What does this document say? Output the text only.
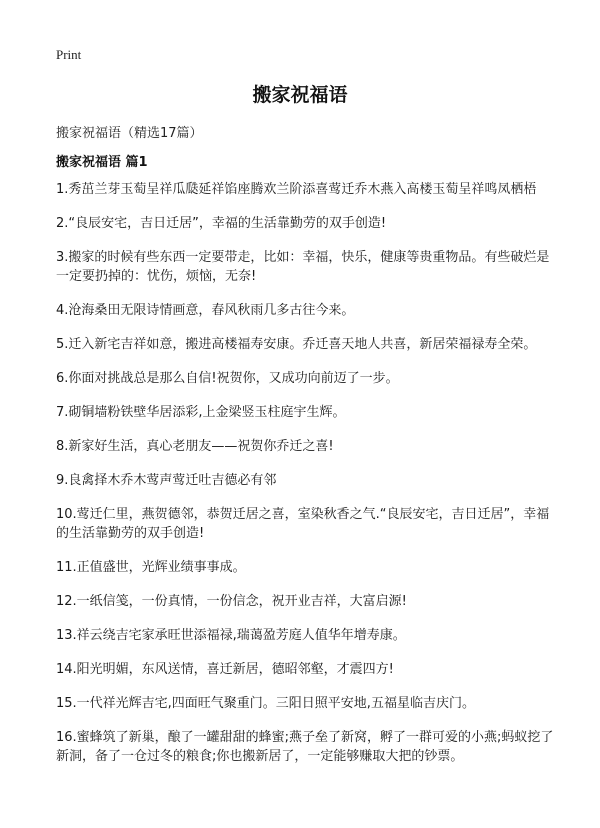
Print
搬家祝福语

搬家祝福语（精选17篇）

搬家祝福语 篇1
1.秀茁兰芽玉萄呈祥瓜瓞延祥馅座腾欢兰阶添喜莺迁乔木燕入高楼玉萄呈祥鸣凤栖梧
2.“良辰安宅，吉日迁居”，幸福的生活靠勤劳的双手创造!
3.搬家的时候有些东西一定要带走，比如：幸福，快乐，健康等贵重物品。有些破烂是一定要扔掉的：忧伤，烦恼，无奈!
4.沧海桑田无限诗情画意，春风秋雨几多古往今来。
5.迁入新宅吉祥如意，搬进高楼福寿安康。乔迁喜天地人共喜，新居荣福禄寿全荣。
6.你面对挑战总是那么自信!祝贺你，又成功向前迈了一步。
7.砌铜墙粉铁壁华居添彩,上金梁竖玉柱庭宇生辉。
8.新家好生活，真心老朋友——祝贺你乔迁之喜!
9.良禽择木乔木莺声莺迁吐吉德必有邻
10.莺迁仁里，燕贺德邻，恭贺迁居之喜，室染秋香之气.“良辰安宅，吉日迁居”，幸福的生活靠勤劳的双手创造!
11.正值盛世，光辉业绩事事成。
12.一纸信笺，一份真情，一份信念，祝开业吉祥，大富启源!
13.祥云绕吉宅家承旺世添福禄,瑞蔼盈芳庭人值华年增寿康。
14.阳光明媚，东风送情，喜迁新居，德昭邻壑，才震四方!
15.一代祥光辉吉宅,四面旺气聚重门。三阳日照平安地,五福星临吉庆门。
16.蜜蜂筑了新巢，酿了一罐甜甜的蜂蜜;燕子垒了新窝，孵了一群可爱的小燕;蚂蚁挖了新洞，备了一仓过冬的粮食;你也搬新居了，一定能够赚取大把的钞票。
